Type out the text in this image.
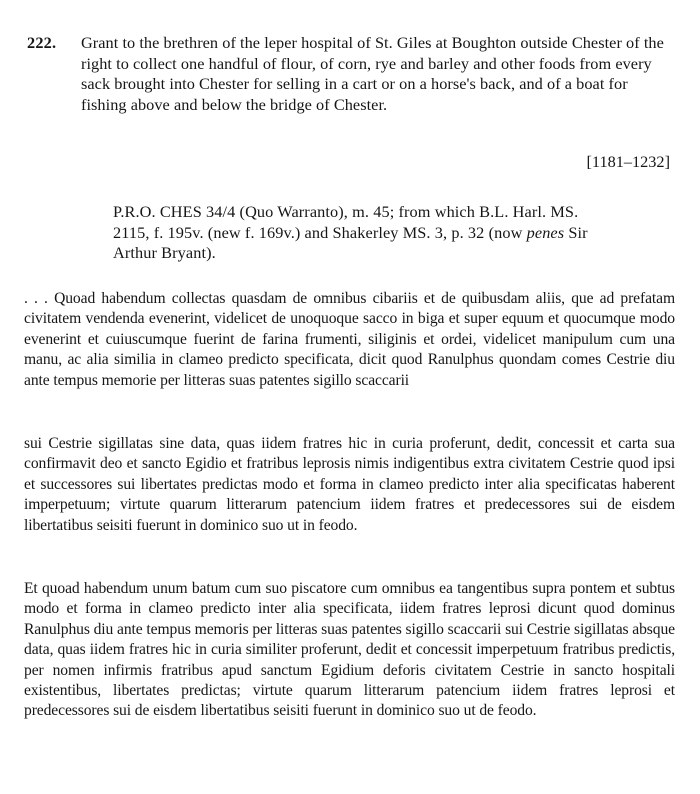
222. Grant to the brethren of the leper hospital of St. Giles at Boughton outside Chester of the right to collect one handful of flour, of corn, rye and barley and other foods from every sack brought into Chester for selling in a cart or on a horse's back, and of a boat for fishing above and below the bridge of Chester.
[1181–1232]
P.R.O. CHES 34/4 (Quo Warranto), m. 45; from which B.L. Harl. MS. 2115, f. 195v. (new f. 169v.) and Shakerley MS. 3, p. 32 (now penes Sir Arthur Bryant).

. . . Quoad habendum collectas quasdam de omnibus cibariis et de quibusdam aliis, que ad prefatam civitatem vendenda evenerint, videlicet de unoquoque sacco in biga et super equum et quocumque modo evenerint et cuiuscumque fuerint de farina frumenti, siliginis et ordei, videlicet manipulum cum una manu, ac alia similia in clameo predicto specificata, dicit quod Ranulphus quondam comes Cestrie diu ante tempus memorie per litteras suas patentes sigillo scaccarii

sui Cestrie sigillatas sine data, quas iidem fratres hic in curia proferunt, dedit, concessit et carta sua confirmavit deo et sancto Egidio et fratribus leprosis nimis indigentibus extra civitatem Cestrie quod ipsi et successores sui libertates predictas modo et forma in clameo predicto inter alia specificatas haberent imperpetuum; virtute quarum litterarum patencium iidem fratres et predecessores sui de eisdem libertatibus seisiti fuerunt in dominico suo ut in feodo.

Et quoad habendum unum batum cum suo piscatore cum omnibus ea tangentibus supra pontem et subtus modo et forma in clameo predicto inter alia specificata, iidem fratres leprosi dicunt quod dominus Ranulphus diu ante tempus memoris per litteras suas patentes sigillo scaccarii sui Cestrie sigillatas absque data, quas iidem fratres hic in curia similiter proferunt, dedit et concessit imperpetuum fratribus predictis, per nomen infirmis fratribus apud sanctum Egidium deforis civitatem Cestrie in sancto hospitali existentibus, libertates predictas; virtute quarum litterarum patencium iidem fratres leprosi et predecessores sui de eisdem libertatibus seisiti fuerunt in dominico suo ut de feodo.
